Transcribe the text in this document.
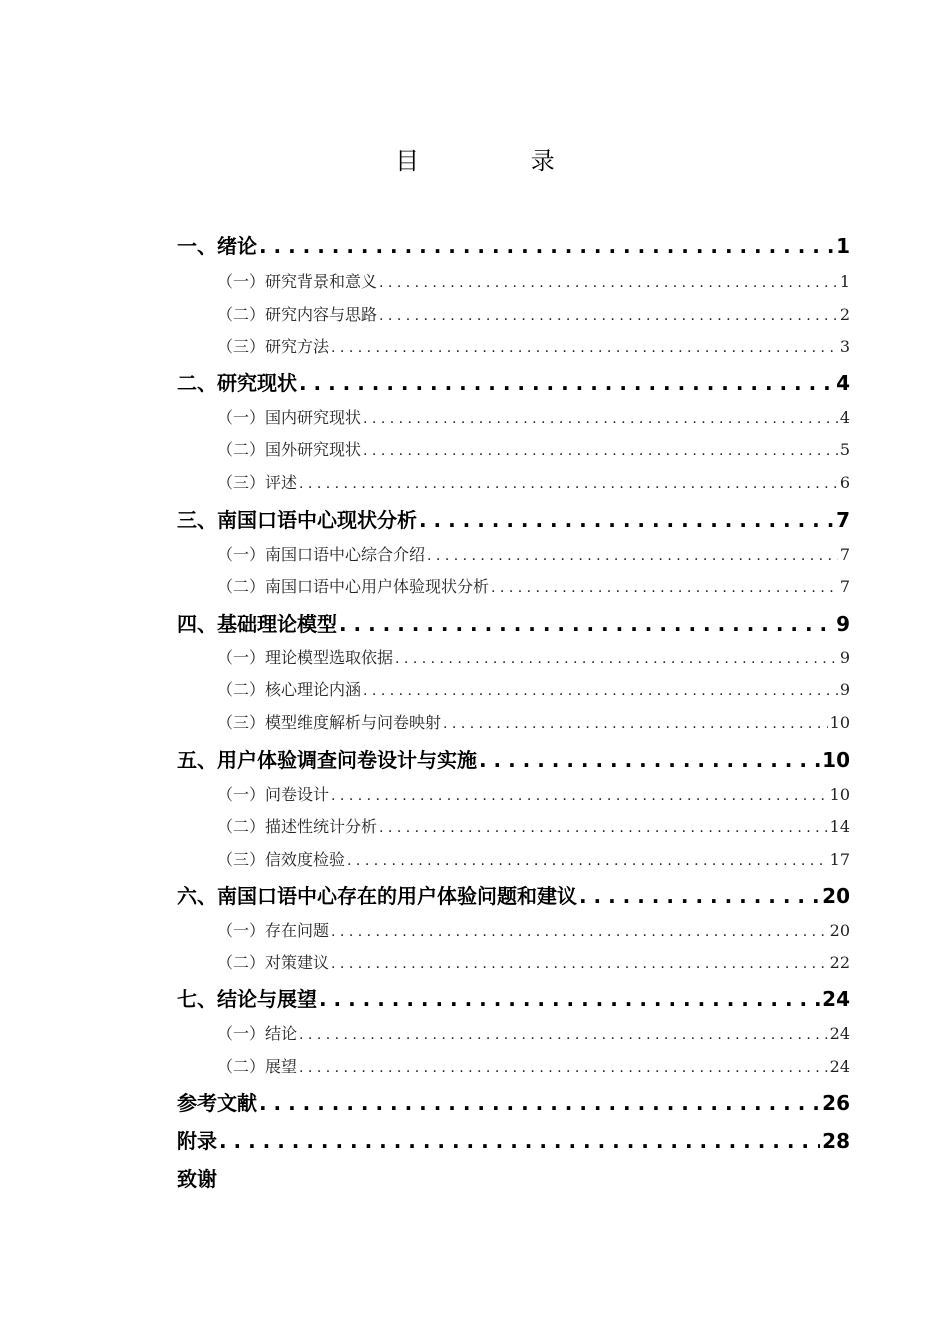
目 录
一、绪论 . . .	1
（一）研究背景和意义 . . .	1
（二）研究内容与思路 . . .	2
（三）研究方法 . . .	3
二、研究现状 . . .	4
（一）国内研究现状 . . .	4
（二）国外研究现状 . . .	5
（三）评述 . . .	6
三、南国口语中心现状分析 . . .	7
（一）南国口语中心综合介绍 . . .	7
（二）南国口语中心用户体验现状分析 . . .	7
四、基础理论模型 . . .	9
（一）理论模型选取依据 . . .	9
（二）核心理论内涵 . . .	9
（三）模型维度解析与问卷映射 . . .	10
五、用户体验调查问卷设计与实施 . . .	10
（一）问卷设计 . . .	10
（二）描述性统计分析 . . .	14
（三）信效度检验 . . .	17
六、南国口语中心存在的用户体验问题和建议 . . .	20
（一）存在问题 . . .	20
（二）对策建议 . . .	22
七、结论与展望 . . .	24
（一）结论 . . .	24
（二）展望 . . .	24
参考文献 . . .	26
附录 . . .	28
致谢
